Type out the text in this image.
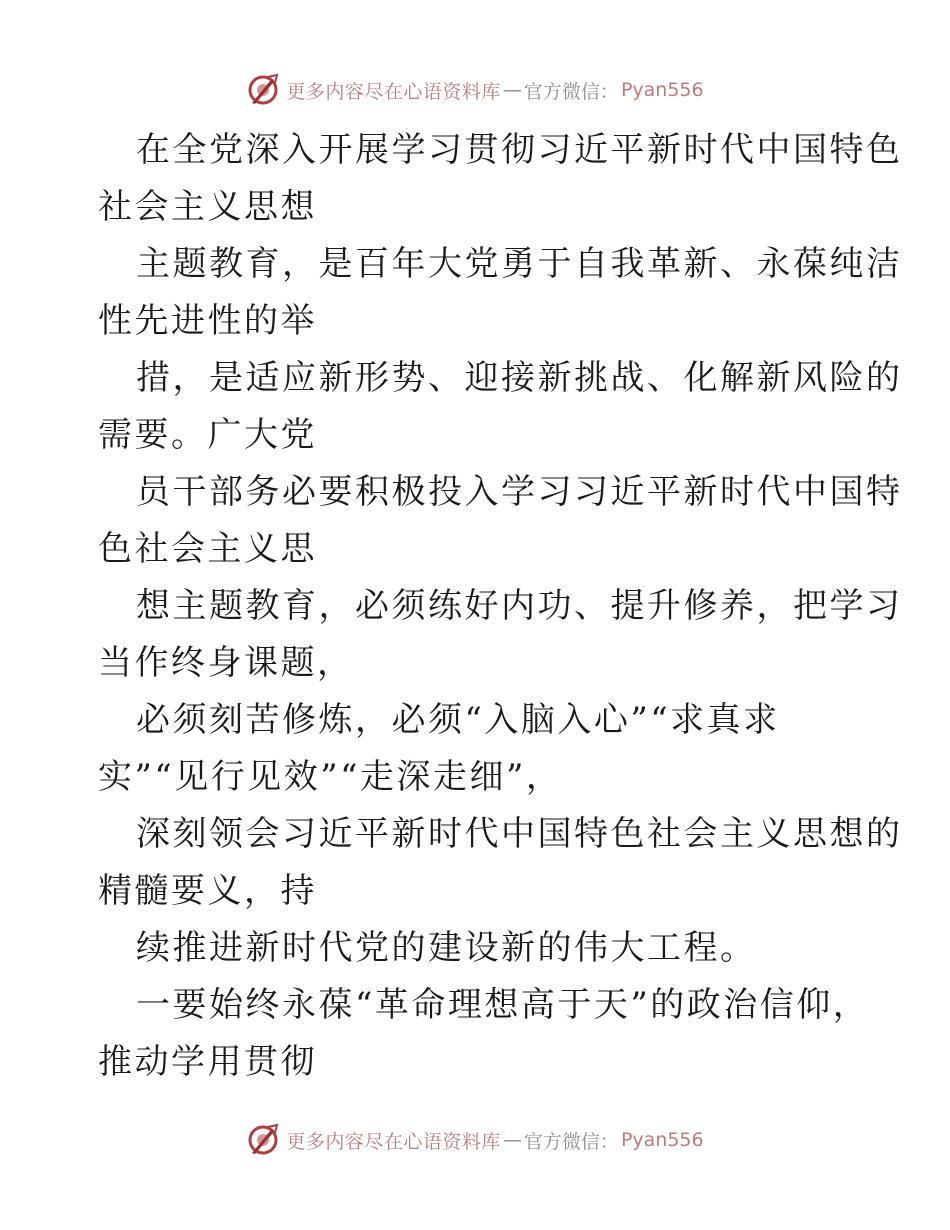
更多内容尽在心语资料库 — 官方微信： Pyan556
在全党深入开展学习贯彻习近平新时代中国特色
社会主义思想
主题教育，是百年大党勇于自我革新、永葆纯洁
性先进性的举
措，是适应新形势、迎接新挑战、化解新风险的
需要。广大党
员干部务必要积极投入学习习近平新时代中国特
色社会主义思
想主题教育，必须练好内功、提升修养，把学习
当作终身课题，
必须刻苦修炼，必须“入脑入心”“求真求
实”“见行见效”“走深走细”，
深刻领会习近平新时代中国特色社会主义思想的
精髓要义，持
续推进新时代党的建设新的伟大工程。
一要始终永葆“革命理想高于天”的政治信仰，
推动学用贯彻
更多内容尽在心语资料库 — 官方微信： Pyan556
